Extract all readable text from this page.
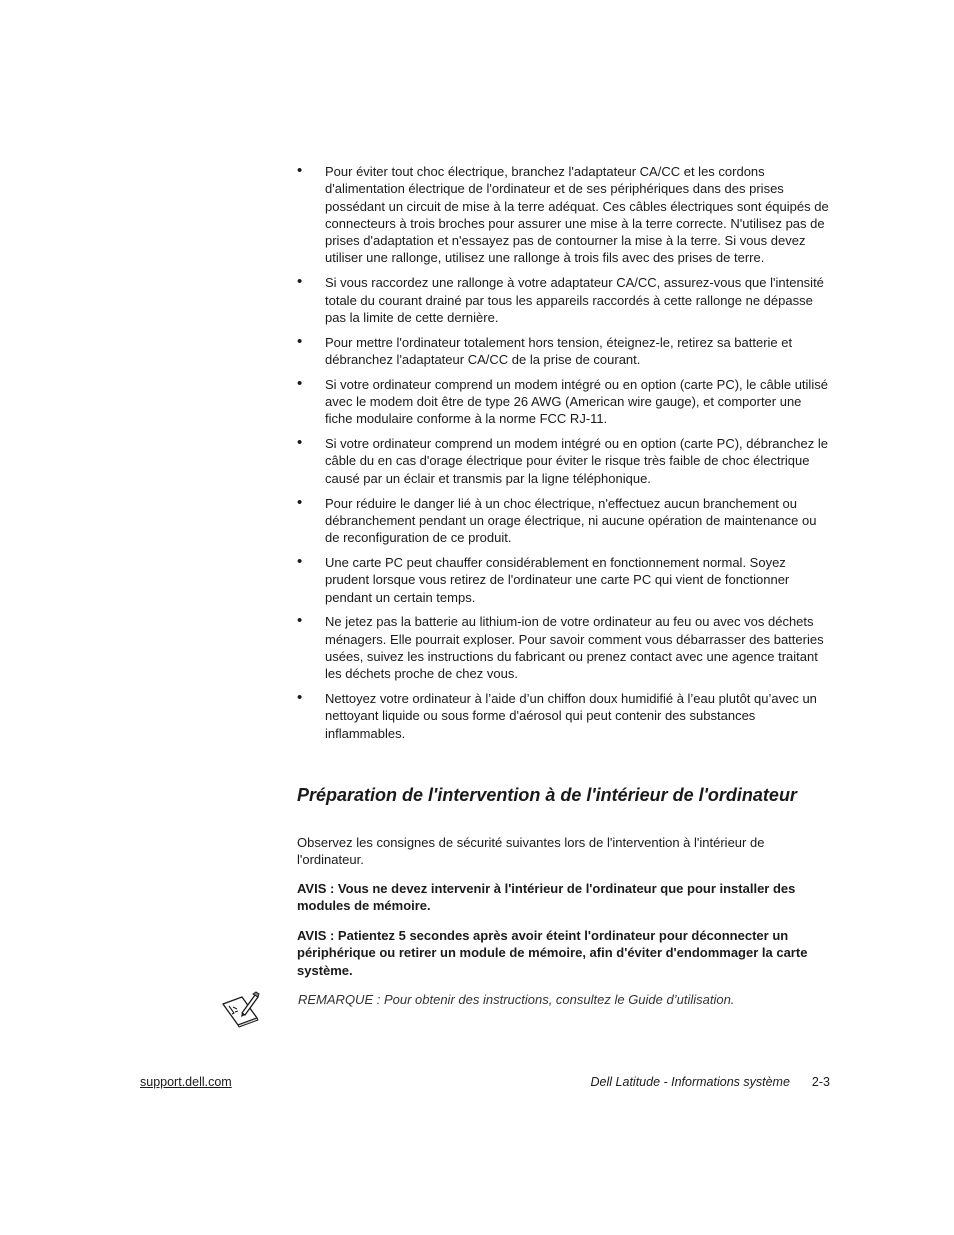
• Pour éviter tout choc électrique, branchez l'adaptateur CA/CC et les cordons d'alimentation électrique de l'ordinateur et de ses périphériques dans des prises possédant un circuit de mise à la terre adéquat. Ces câbles électriques sont équipés de connecteurs à trois broches pour assurer une mise à la terre correcte. N'utilisez pas de prises d'adaptation et n'essayez pas de contourner la mise à la terre. Si vous devez utiliser une rallonge, utilisez une rallonge à trois fils avec des prises de terre.
• Si vous raccordez une rallonge à votre adaptateur CA/CC, assurez-vous que l'intensité totale du courant drainé par tous les appareils raccordés à cette rallonge ne dépasse pas la limite de cette dernière.
• Pour mettre l'ordinateur totalement hors tension, éteignez-le, retirez sa batterie et débranchez l'adaptateur CA/CC de la prise de courant.
• Si votre ordinateur comprend un modem intégré ou en option (carte PC), le câble utilisé avec le modem doit être de type 26 AWG (American wire gauge), et comporter une fiche modulaire conforme à la norme FCC RJ-11.
• Si votre ordinateur comprend un modem intégré ou en option (carte PC), débranchez le câble du en cas d'orage électrique pour éviter le risque très faible de choc électrique causé par un éclair et transmis par la ligne téléphonique.
• Pour réduire le danger lié à un choc électrique, n'effectuez aucun branchement ou débranchement pendant un orage électrique, ni aucune opération de maintenance ou de reconfiguration de ce produit.
• Une carte PC peut chauffer considérablement en fonctionnement normal. Soyez prudent lorsque vous retirez de l'ordinateur une carte PC qui vient de fonctionner pendant un certain temps.
• Ne jetez pas la batterie au lithium-ion de votre ordinateur au feu ou avec vos déchets ménagers. Elle pourrait exploser. Pour savoir comment vous débarrasser des batteries usées, suivez les instructions du fabricant ou prenez contact avec une agence traitant les déchets proche de chez vous.
• Nettoyez votre ordinateur à l’aide d’un chiffon doux humidifié à l’eau plutôt qu’avec un nettoyant liquide ou sous forme d'aérosol qui peut contenir des substances inflammables.
Préparation de l'intervention à de l'intérieur de l'ordinateur

Observez les consignes de sécurité suivantes lors de l'intervention à l'intérieur de l'ordinateur.

AVIS : Vous ne devez intervenir à l'intérieur de l'ordinateur que pour installer des modules de mémoire.

AVIS : Patientez 5 secondes après avoir éteint l'ordinateur pour déconnecter un périphérique ou retirer un module de mémoire, afin d'éviter d'endommager la carte système.

REMARQUE : Pour obtenir des instructions, consultez le Guide d’utilisation.

support.dell.com	Dell Latitude - Informations système 2-3
